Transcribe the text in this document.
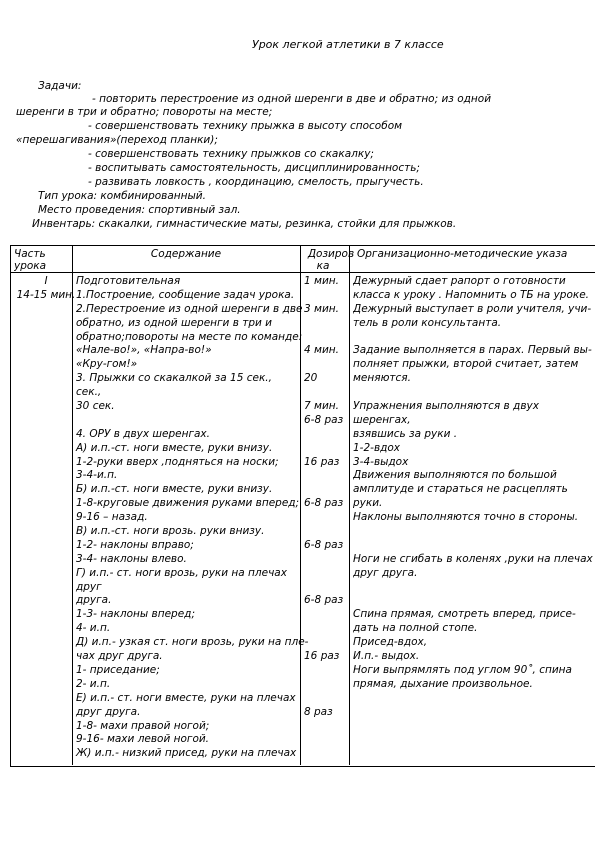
Урок легкой атлетики в 7 классе
Задачи:
- повторить перестроение из одной шеренги в две и обратно; из одной
шеренги в три и обратно; повороты на месте;
- совершенствовать технику прыжка в высоту способом
«перешагивания»(переход планки);
- совершенствовать технику прыжков со скакалку;
- воспитывать самостоятельность, дисциплинированность;
- развивать ловкость , координацию, смелость, прыгучесть.
Тип урока: комбинированный.
Место проведения: спортивный зал.
Инвентарь: скакалки, гимнастические маты, резинка, стойки для прыжков.
Часть
урока
Содержание	Дозиров
ка
Организационно-методические указа
I
14-15 мин.
Подготовительная
1.Построение, сообщение задач урока.
2.Перестроение из одной шеренги в две
обратно, из одной шеренги в три и
обратно;повороты на месте по команде:
«Нале-во!», «Напра-во!»
«Кру-гом!»
3. Прыжки со скакалкой за 15 сек.,
сек.,
30 сек.
4. ОРУ в двух шеренгах.
А) и.п.-ст. ноги вместе, руки внизу.
1-2-руки вверх ,подняться на носки;
3-4-и.п.
Б) и.п.-ст. ноги вместе, руки внизу.
1-8-круговые движения руками вперед;
9-16 – назад.
В) и.п.-ст. ноги врозь. руки внизу.
1-2- наклоны вправо;
3-4- наклоны влево.
Г) и.п.- ст. ноги врозь, руки на плечах
друг
друга.
1-3- наклоны вперед;
4- и.п.
Д) и.п.- узкая ст. ноги врозь, руки на пле-
чах друг друга.
1- приседание;
2- и.п.
Е) и.п.- ст. ноги вместе, руки на плечах
друг друга.
1-8- махи правой ногой;
9-16- махи левой ногой.
Ж) и.п.- низкий присед, руки на плечах
1 мин.
3 мин.
4 мин.
20
7 мин.
6-8 раз
16 раз
6-8 раз
6-8 раз
6-8 раз
16 раз
8 раз
Дежурный сдает рапорт о готовности
класса к уроку . Напомнить о ТБ на уроке.
Дежурный выступает в роли учителя, учи-
тель в роли консультанта.
Задание выполняется в парах. Первый вы-
полняет прыжки, второй считает, затем
меняются.
Упражнения выполняются в двух
шеренгах,
взявшись за руки .
1-2-вдох
3-4-выдох
Движения выполняются по большой
амплитуде и стараться не расцеплять
руки.
Наклоны выполняются точно в стороны.
Ноги не сгибать в коленях ,руки на плечах
друг друга.
Спина прямая, смотреть вперед, присе-
дать на полной стопе.
Присед-вдох,
И.п.- выдох.
Ноги выпрямлять под углом 90˚, спина
прямая, дыхание произвольное.
